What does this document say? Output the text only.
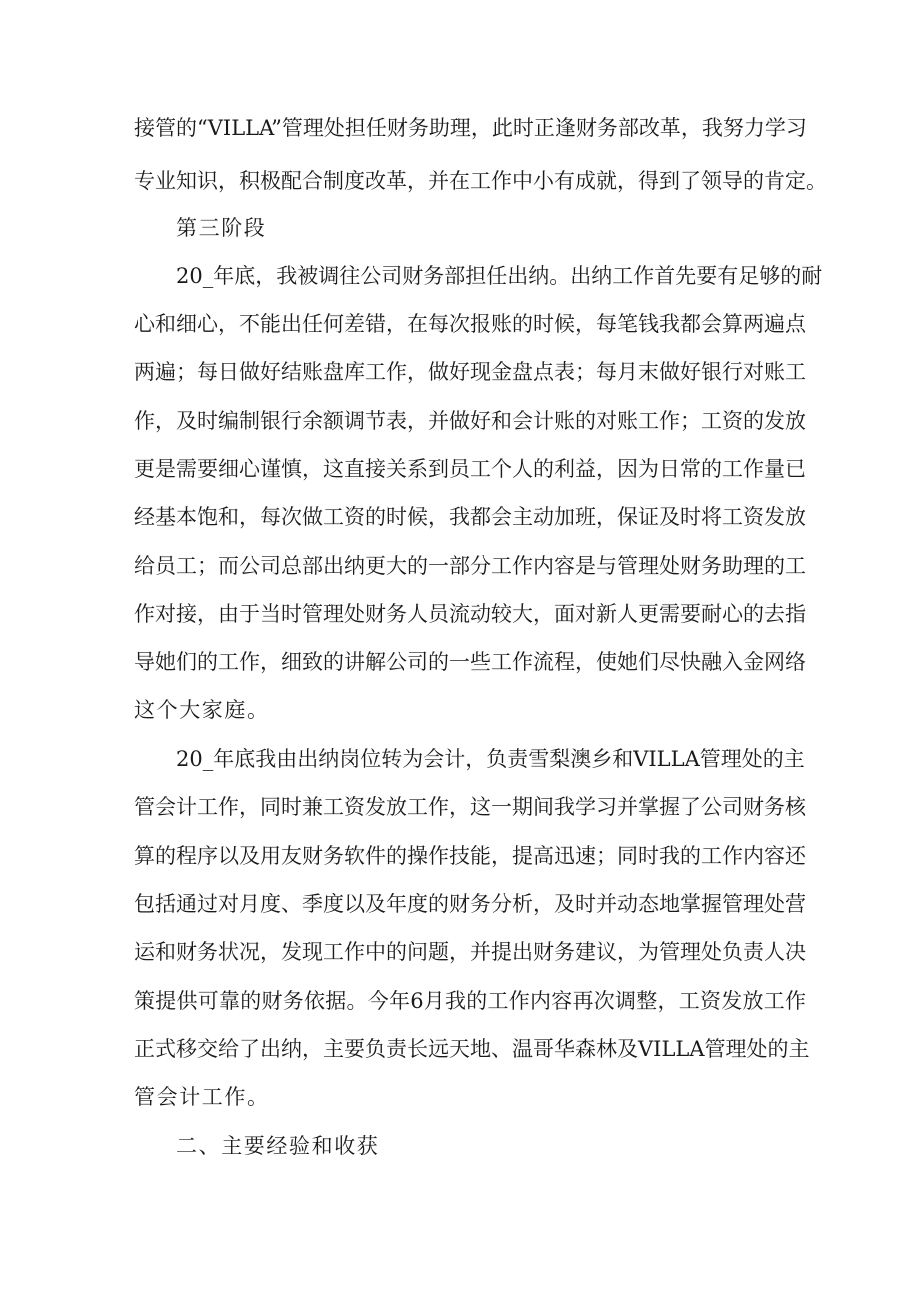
接管的“VILLA”管理处担任财务助理，此时正逢财务部改革，我努力学习
专业知识，积极配合制度改革，并在工作中小有成就，得到了领导的肯定。
第三阶段
20_年底，我被调往公司财务部担任出纳。出纳工作首先要有足够的耐
心和细心，不能出任何差错，在每次报账的时候，每笔钱我都会算两遍点
两遍；每日做好结账盘库工作，做好现金盘点表；每月末做好银行对账工
作，及时编制银行余额调节表，并做好和会计账的对账工作；工资的发放
更是需要细心谨慎，这直接关系到员工个人的利益，因为日常的工作量已
经基本饱和，每次做工资的时候，我都会主动加班，保证及时将工资发放
给员工；而公司总部出纳更大的一部分工作内容是与管理处财务助理的工
作对接，由于当时管理处财务人员流动较大，面对新人更需要耐心的去指
导她们的工作，细致的讲解公司的一些工作流程，使她们尽快融入金网络
这个大家庭。
20_年底我由出纳岗位转为会计，负责雪梨澳乡和VILLA管理处的主
管会计工作，同时兼工资发放工作，这一期间我学习并掌握了公司财务核
算的程序以及用友财务软件的操作技能，提高迅速；同时我的工作内容还
包括通过对月度、季度以及年度的财务分析，及时并动态地掌握管理处营
运和财务状况，发现工作中的问题，并提出财务建议，为管理处负责人决
策提供可靠的财务依据。今年6月我的工作内容再次调整，工资发放工作
正式移交给了出纳，主要负责长远天地、温哥华森林及VILLA管理处的主
管会计工作。
二、主要经验和收获
